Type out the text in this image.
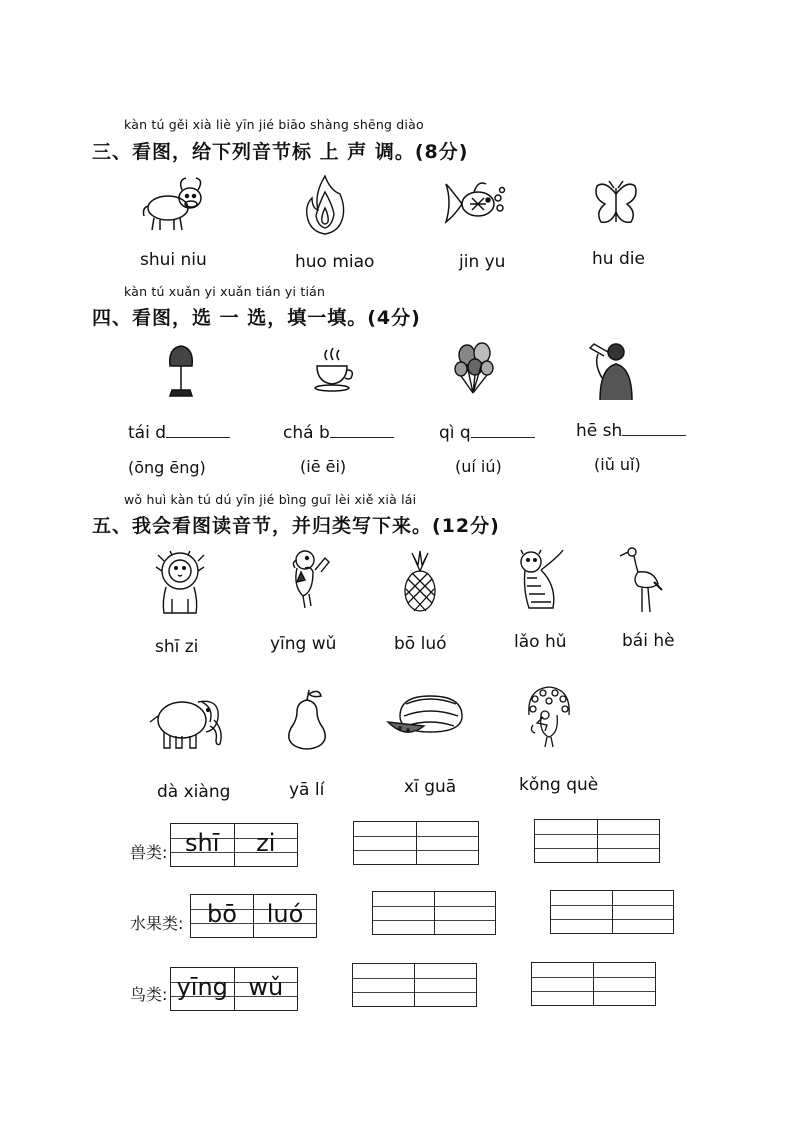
kàn tú gěi xià liè yīn jié biāo shàng shēng diào
三、看图，给下列音节标 上 声 调。(8分)
shui niu	huo miao	jin yu	hu die
kàn tú xuǎn yi xuǎn tián yi tián
四、看图，选 一 选，填一填。(4分)
tái d	chá b	qì q	hē sh
(ōng ēng)	(iē ēi)	(uí iú)	(iǔ uǐ)
wǒ huì kàn tú dú yīn jié bìng guī lèi xiě xià lái
五、我会看图读音节，并归类写下来。(12分)
shī zi	yīng wǔ	bō luó	lǎo hǔ	bái hè
dà xiàng	yā lí	xī guā	kǒng què
兽类: shī	zi
水果类: bō	luó
鸟类: yīng wǔ
